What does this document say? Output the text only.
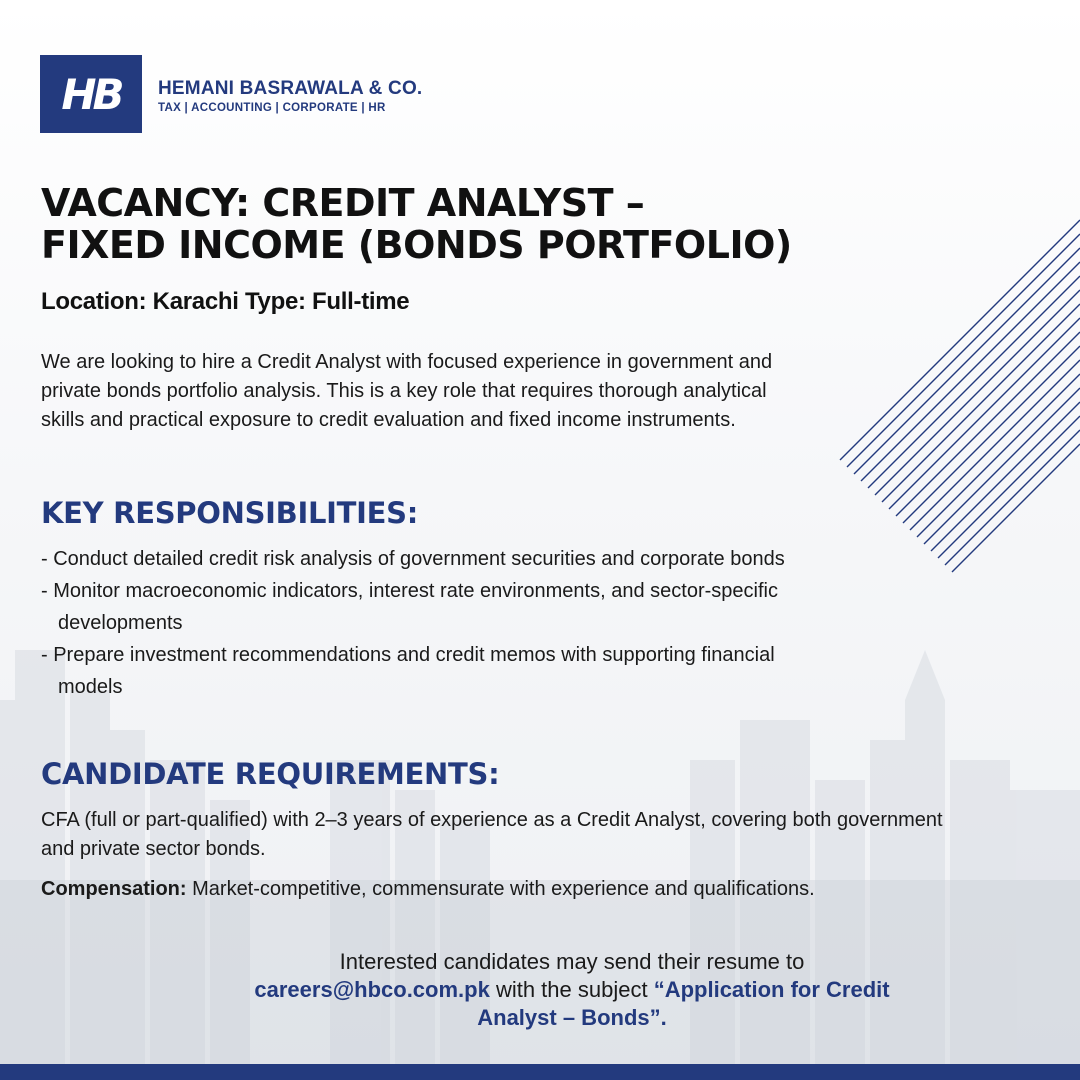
HB HEMANI BASRAWALA & CO.
TAX | ACCOUNTING | CORPORATE | HR
VACANCY: CREDIT ANALYST –
FIXED INCOME (BONDS PORTFOLIO)
Location: Karachi Type: Full-time
We are looking to hire a Credit Analyst with focused experience in government and private bonds portfolio analysis. This is a key role that requires thorough analytical skills and practical exposure to credit evaluation and fixed income instruments.
KEY RESPONSIBILITIES:
- Conduct detailed credit risk analysis of government securities and corporate bonds
- Monitor macroeconomic indicators, interest rate environments, and sector-specific developments
- Prepare investment recommendations and credit memos with supporting financial models
CANDIDATE REQUIREMENTS:
CFA (full or part-qualified) with 2–3 years of experience as a Credit Analyst, covering both government and private sector bonds.
Compensation: Market-competitive, commensurate with experience and qualifications.
Interested candidates may send their resume to
careers@hbco.com.pk with the subject “Application for Credit Analyst – Bonds”.
